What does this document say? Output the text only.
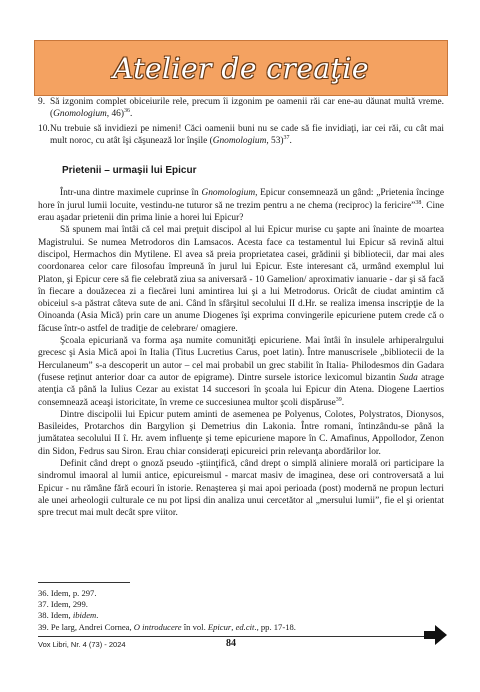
Atelier de creaţie
9. Să izgonim complet obiceiurile rele, precum îi izgonim pe oamenii răi car ene-au dăunat multă vreme. (Gnomologium, 46)$^{36}$.
10. Nu trebuie să invidiezi pe nimeni! Căci oamenii buni nu se cade să fie invidiaţi, iar cei răi, cu cât mai mult noroc, cu atât îşi căşunează lor înşile (Gnomologium, 53)$^{37}$.
Prietenii – urmaşii lui Epicur

Într-una dintre maximele cuprinse în Gnomologium, Epicur consemnează un gând: „Prietenia încinge hore în jurul lumii locuite, vestindu-ne tuturor să ne trezim pentru a ne chema (reciproc) la fericire”$^{38}$. Cine erau aşadar prietenii din prima linie a horei lui Epicur?

Să spunem mai întâi că cel mai preţuit discipol al lui Epicur murise cu şapte ani înainte de moartea Magistrului. Se numea Metrodoros din Lamsacos. Acesta face ca testamentul lui Epicur să revină altui discipol, Hermachos din Mytilene. El avea să preia proprietatea casei, grădinii şi bibliotecii, dar mai ales coordonarea celor care filosofau împreună în jurul lui Epicur. Este interesant că, urmând exemplul lui Platon, şi Epicur cere să fie celebrată ziua sa aniversară - 10 Gamelion/ aproximativ ianuarie - dar şi să facă în fiecare a douăzecea zi a fiecărei luni amintirea lui şi a lui Metrodorus. Oricât de ciudat amintim că obiceiul s-a păstrat câteva sute de ani. Când în sfârşitul secolului II d.Hr. se realiza imensa inscripţie de la Oinoanda (Asia Mică) prin care un anume Diogenes îşi exprima convingerile epicuriene putem crede că o făcuse într-o astfel de tradiţie de celebrare/ omagiere.

Şcoala epicuriană va forma aşa numite comunităţi epicuriene. Mai întâi în insulele arhiperalrgului grecesc şi Asia Mică apoi în Italia (Titus Lucretius Carus, poet latin). Între manuscrisele „bibliotecii de la Herculaneum” s-a descoperit un autor – cel mai probabil un grec stabilit în Italia- Philodesmos din Gadara (fusese reţinut anterior doar ca autor de epigrame). Dintre sursele istorice lexicomul bizantin Suda atrage atenţia că până la Iulius Cezar au existat 14 succesori în şcoala lui Epicur din Atena. Diogene Laertios consemnează aceaşi istoricitate, în vreme ce succesiunea multor şcoli dispăruse$^{39}$.

Dintre discipolii lui Epicur putem aminti de asemenea pe Polyenus, Colotes, Polystratos, Dionysos, Basileides, Protarchos din Bargylion şi Demetrius din Lakonia. Între romani, întinzându-se până la jumătatea secolului II î. Hr. avem influenţe şi teme epicuriene mapore în C. Amafinus, Appollodor, Zenon din Sidon, Fedrus sau Siron. Erau chiar considerați epicureici prin relevanţa abordărilor lor.

Definit când drept o gnoză pseudo -ştiinţifică, când drept o simplă aliniere morală ori participare la sindromul imaoral al lumii antice, epicureismul - marcat masiv de imaginea, dese ori controversată a lui Epicur - nu rămâne fără ecouri în istorie. Renaşterea şi mai apoi perioada (post) modernă ne propun lecturi ale unei arheologii culturale ce nu pot lipsi din analiza unui cercetător al „mersului lumii”, fie el şi orientat spre trecut mai mult decât spre viitor.

36. Idem, p. 297.

37. Idem, 299.

38. Idem, ibidem.

39. Pe larg, Andrei Cornea, O introducere în vol. Epicur, ed.cit., pp. 17-18.

Vox Libri, Nr. 4 (73) - 2024	84
